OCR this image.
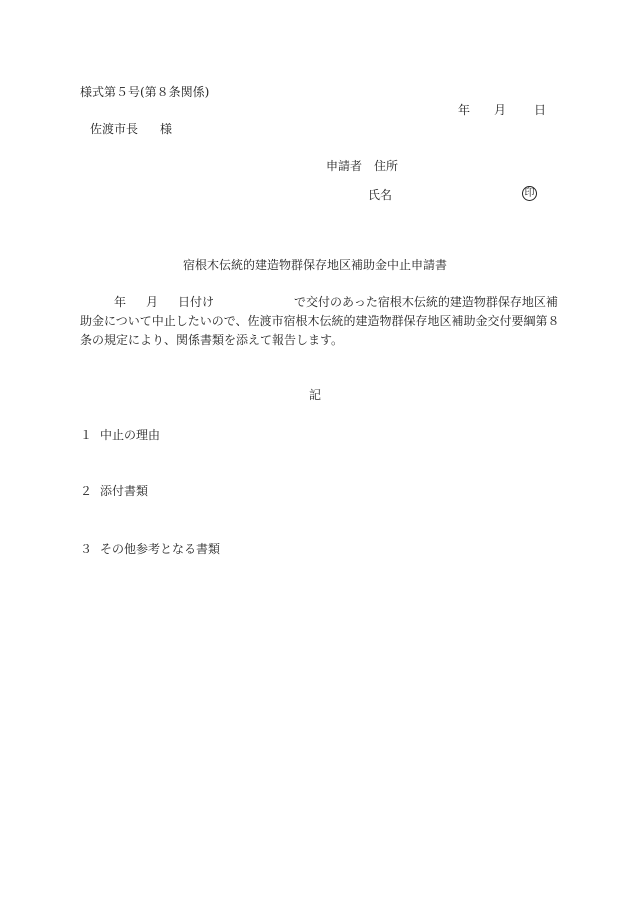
様式第５号(第８条関係)
年 月 日
佐渡市長 様
申請者　住所
氏名	印
宿根木伝統的建造物群保存地区補助金中止申請書
年 月 日付け	で交付のあった宿根木伝統的建造物群保存地区補
助金について中止したいので、佐渡市宿根木伝統的建造物群保存地区補助金交付要綱第８
条の規定により、関係書類を添えて報告します。
記
１ 中止の理由
２ 添付書類
３ その他参考となる書類
